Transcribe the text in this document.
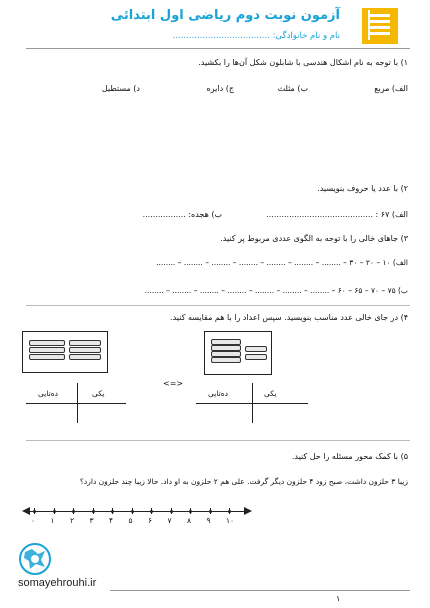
آزمون نوبت دوم ریاضی اول ابتدائی
نام و نام خانوادگی: ....................................
۱) با توجه به نام اشکال هندسی با شابلون شکل آن‌ها را بکشید.
الف) مربع
ب) مثلث
ج) دایره
د) مستطیل
۲) با عدد یا حروف بنویسید.
الف) ۶۷ : ..........................................
ب) هجده: .................
۳) جاهای خالی را با توجه به الگوی عددی مربوط پر کنید.
الف) ۱۰ – ۲۰ – ۳۰ – ........ – ........ – ........ – ........ – ........ – ........ – ........
ب) ۷۵ – ۷۰ – ۶۵ – ۶۰ – ........ – ........ – ........ – ........ – ........ – ........ – ........
۴) در جای خالی عدد مناسب بنویسید. سپس اعداد را با هم مقایسه کنید.
<=>
یکی
ده‌تایی	یکی
ده‌تایی
۵) با کمک محور مسئله را حل کنید.
زیبا ۳ حلزون داشت، صبح زود ۴ حلزون دیگر گرفت. علی هم ۲ حلزون به او داد. حالا زیبا چند حلزون دارد؟
۰ ۱ ۲ ۳ ۴ ۵ ۶ ۷ ۸ ۹ ۱۰
somayehrouhi.ir
۱
